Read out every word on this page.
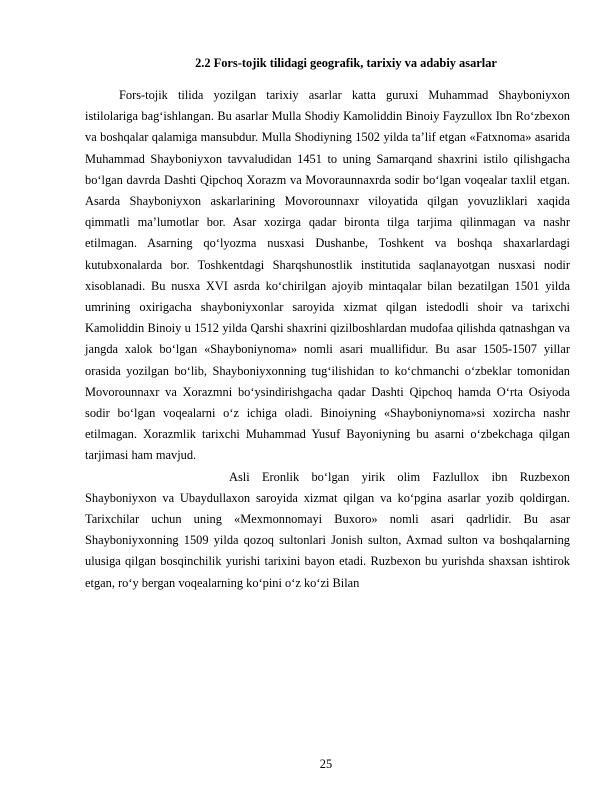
2.2 Fors-tojik tilidagi geografik, tarixiy va adabiy asarlar

Fors-tojik tilida yozilgan tarixiy asarlar katta guruxi Muhammad Shayboniyxon istilolariga bag‘ishlangan. Bu asarlar Mulla Shodiy Kamoliddin Binoiy Fayzullox Ibn Ro‘zbexon va boshqalar qalamiga mansubdur. Mulla Shodiyning 1502 yilda ta’lif etgan «Fatxnoma» asarida Muhammad Shayboniyxon tavvaludidan 1451 to uning Samarqand shaxrini istilo qilishgacha bo‘lgan davrda Dashti Qipchoq Xorazm va Movoraunnaxrda sodir bo‘lgan voqealar taxlil etgan. Asarda Shayboniyxon askarlarining Movorounnaxr viloyatida qilgan yovuzliklari xaqida qimmatli ma’lumotlar bor. Asar xozirga qadar bironta tilga tarjima qilinmagan va nashr etilmagan. Asarning qo‘lyozma nusxasi Dushanbe, Toshkent va boshqa shaxarlardagi kutubxonalarda bor. Toshkentdagi Sharqshunostlik institutida saqlanayotgan nusxasi nodir xisoblanadi. Bu nusxa XVI asrda ko‘chirilgan ajoyib mintaqalar bilan bezatilgan 1501 yilda umrining oxirigacha shayboniyxonlar saroyida xizmat qilgan istedodli shoir va tarixchi Kamoliddin Binoiy u 1512 yilda Qarshi shaxrini qizilboshlardan mudofaa qilishda qatnashgan va jangda xalok bo‘lgan «Shayboniynoma» nomli asari muallifidur. Bu asar 1505-1507 yillar orasida yozilgan bo‘lib, Shayboniyxonning tug‘ilishidan to ko‘chmanchi o‘zbeklar tomonidan Movorounnaxr va Xorazmni bo‘ysindirishgacha qadar Dashti Qipchoq hamda O‘rta Osiyoda sodir bo‘lgan voqealarni o‘z ichiga oladi. Binoiyning «Shayboniynoma»si xozircha nashr etilmagan. Xorazmlik tarixchi Muhammad Yusuf Bayoniyning bu asarni o‘zbekchaga qilgan tarjimasi ham mavjud.

Asli Eronlik bo‘lgan yirik olim Fazlullox ibn Ruzbexon Shayboniyxon va Ubaydullaxon saroyida xizmat qilgan va ko‘pgina asarlar yozib qoldirgan. Tarixchilar uchun uning «Mexmonnomayi Buxoro» nomli asari qadrlidir. Bu asar Shayboniyxonning 1509 yilda qozoq sultonlari Jonish sulton, Axmad sulton va boshqalarning ulusiga qilgan bosqinchilik yurishi tarixini bayon etadi. Ruzbexon bu yurishda shaxsan ishtirok etgan, ro‘y bergan voqealarning ko‘pini o‘z ko‘zi Bilan

25
